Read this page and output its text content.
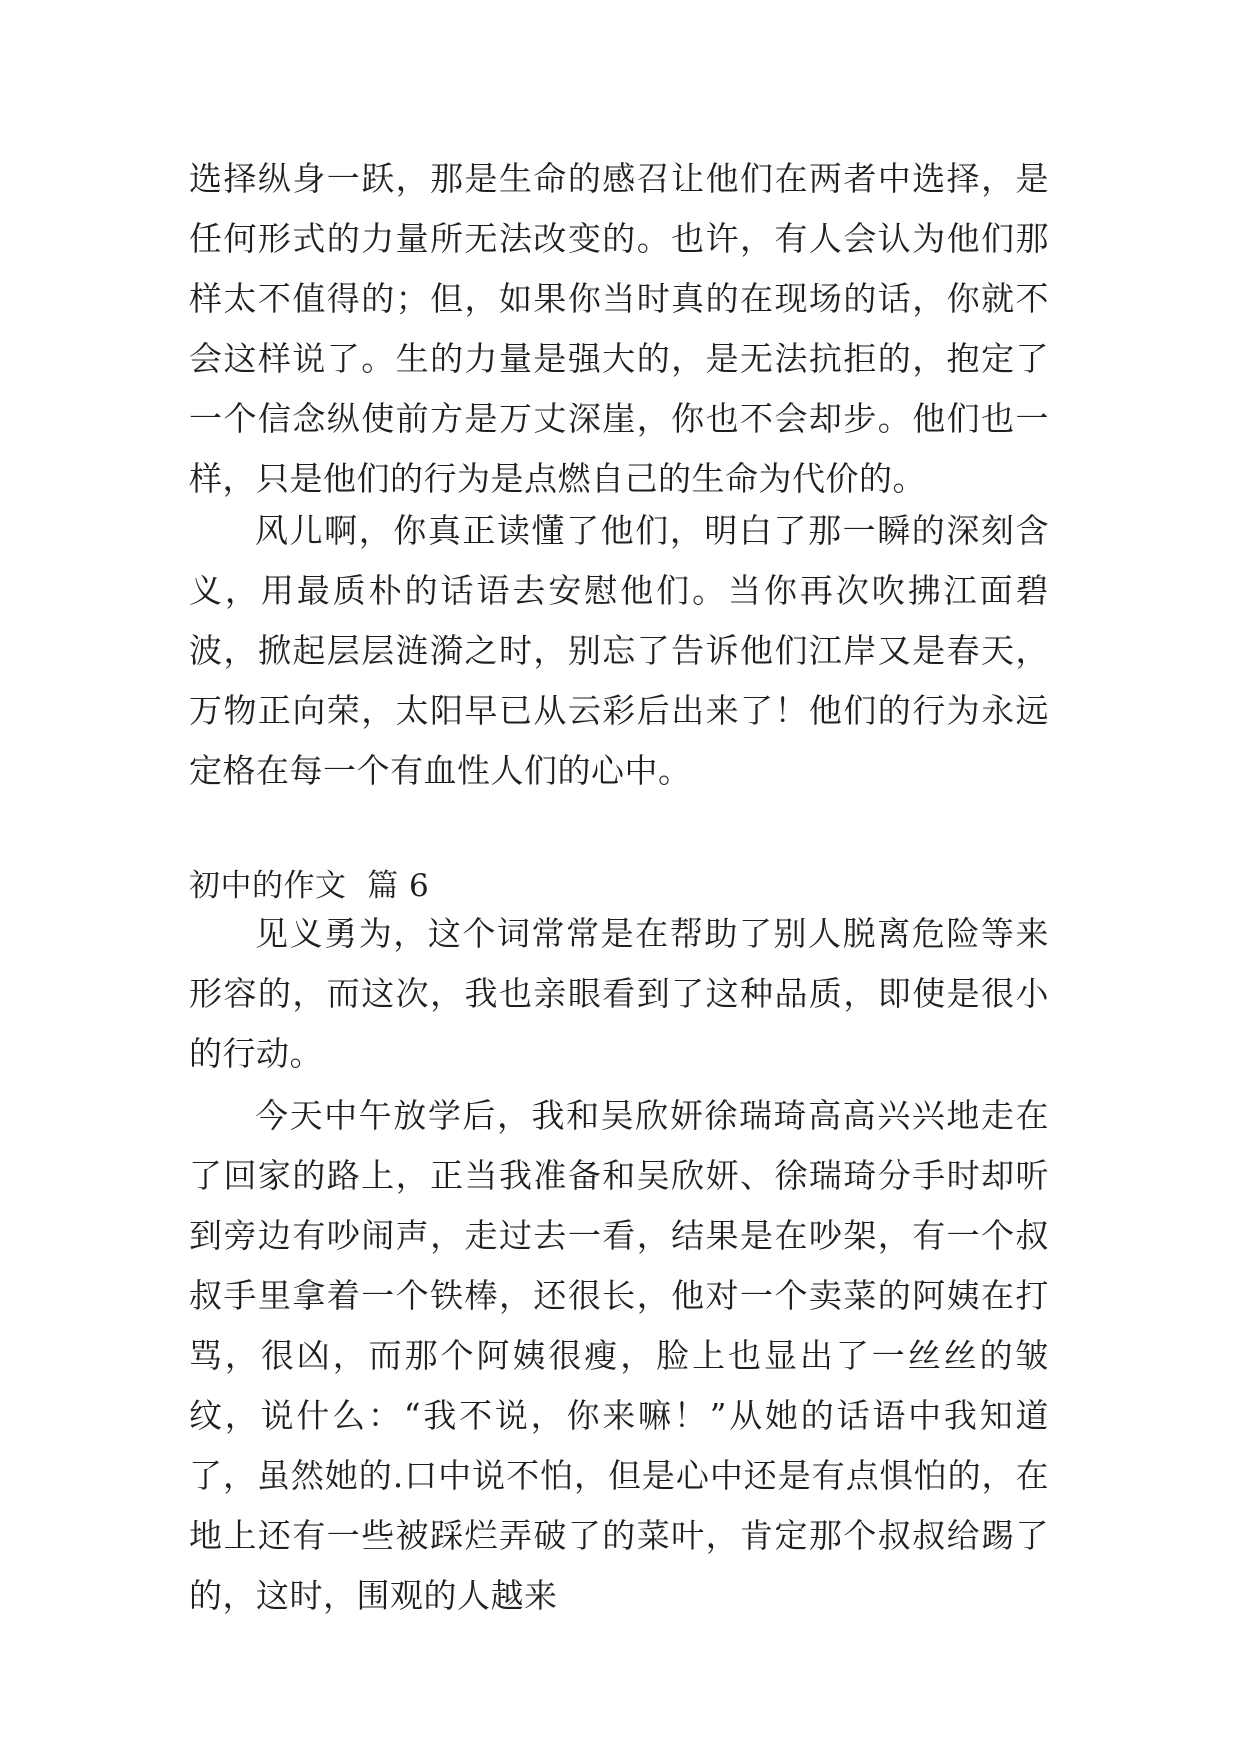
选择纵身一跃，那是生命的感召让他们在两者中选择，是任何形式的力量所无法改变的。也许，有人会认为他们那样太不值得的；但，如果你当时真的在现场的话，你就不会这样说了。生的力量是强大的，是无法抗拒的，抱定了一个信念纵使前方是万丈深崖，你也不会却步。他们也一样，只是他们的行为是点燃自己的生命为代价的。

风儿啊，你真正读懂了他们，明白了那一瞬的深刻含义，用最质朴的话语去安慰他们。当你再次吹拂江面碧波，掀起层层涟漪之时，别忘了告诉他们江岸又是春天，万物正向荣，太阳早已从云彩后出来了！他们的行为永远定格在每一个有血性人们的心中。

初中的作文  篇 6

见义勇为，这个词常常是在帮助了别人脱离危险等来形容的，而这次，我也亲眼看到了这种品质，即使是很小的行动。

今天中午放学后，我和吴欣妍徐瑞琦高高兴兴地走在了回家的路上，正当我准备和吴欣妍、徐瑞琦分手时却听到旁边有吵闹声，走过去一看，结果是在吵架，有一个叔叔手里拿着一个铁棒，还很长，他对一个卖菜的阿姨在打骂，很凶，而那个阿姨很瘦，脸上也显出了一丝丝的皱纹，说什么：“我不说，你来嘛！”从她的话语中我知道了，虽然她的.口中说不怕，但是心中还是有点惧怕的，在地上还有一些被踩烂弄破了的菜叶，肯定那个叔叔给踢了的，这时，围观的人越来
